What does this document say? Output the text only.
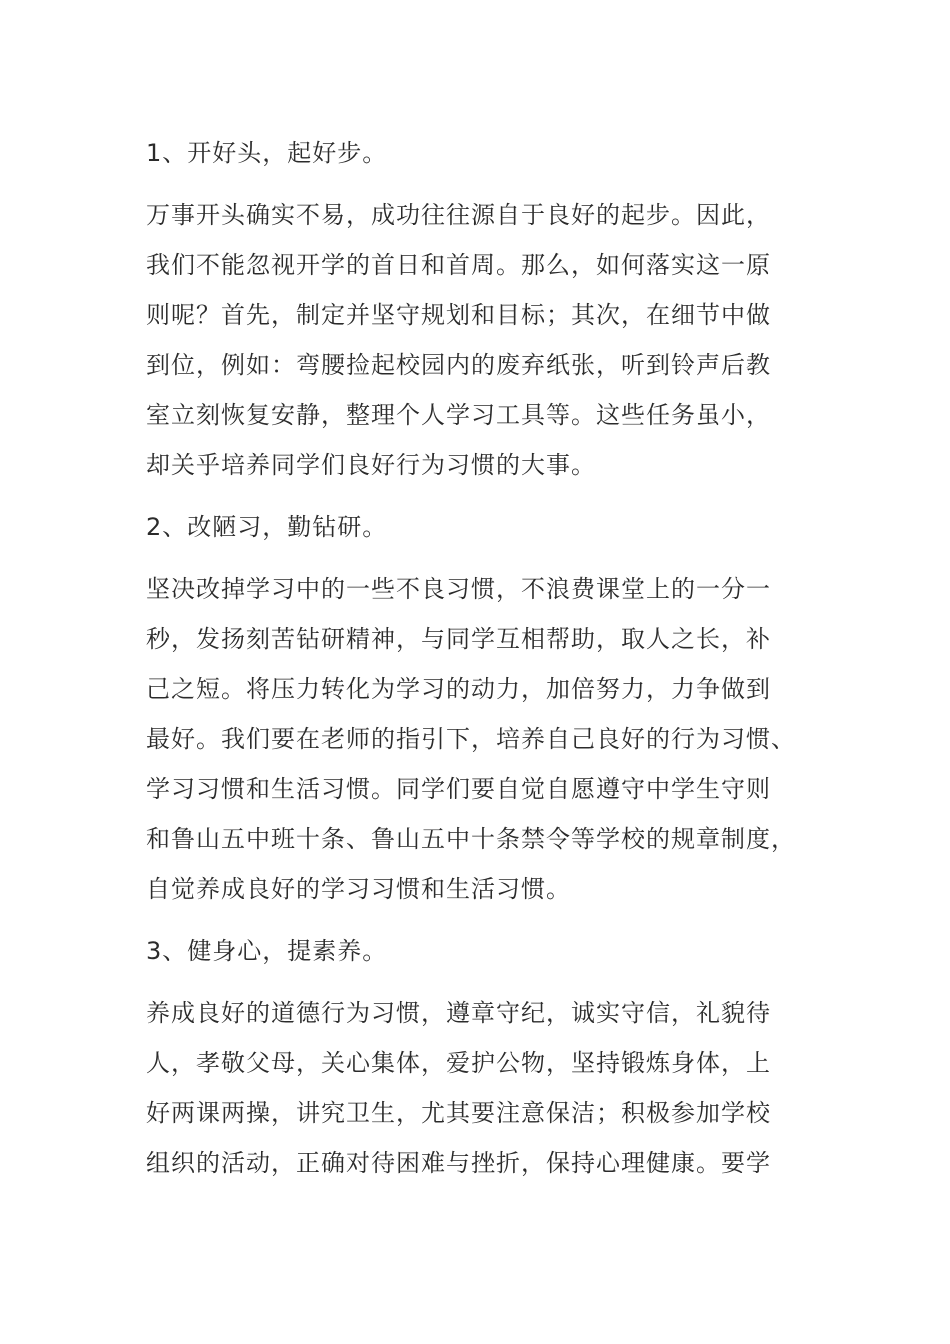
1、开好头，起好步。
万事开头确实不易，成功往往源自于良好的起步。因此，
我们不能忽视开学的首日和首周。那么，如何落实这一原
则呢？首先，制定并坚守规划和目标；其次，在细节中做
到位，例如：弯腰捡起校园内的废弃纸张，听到铃声后教
室立刻恢复安静，整理个人学习工具等。这些任务虽小，
却关乎培养同学们良好行为习惯的大事。
2、改陋习，勤钻研。
坚决改掉学习中的一些不良习惯，不浪费课堂上的一分一
秒，发扬刻苦钻研精神，与同学互相帮助，取人之长，补
己之短。将压力转化为学习的动力，加倍努力，力争做到
最好。我们要在老师的指引下，培养自己良好的行为习惯、
学习习惯和生活习惯。同学们要自觉自愿遵守中学生守则
和鲁山五中班十条、鲁山五中十条禁令等学校的规章制度，
自觉养成良好的学习习惯和生活习惯。
3、健身心，提素养。
养成良好的道德行为习惯，遵章守纪，诚实守信，礼貌待
人，孝敬父母，关心集体，爱护公物，坚持锻炼身体，上
好两课两操，讲究卫生，尤其要注意保洁；积极参加学校
组织的活动，正确对待困难与挫折，保持心理健康。要学
